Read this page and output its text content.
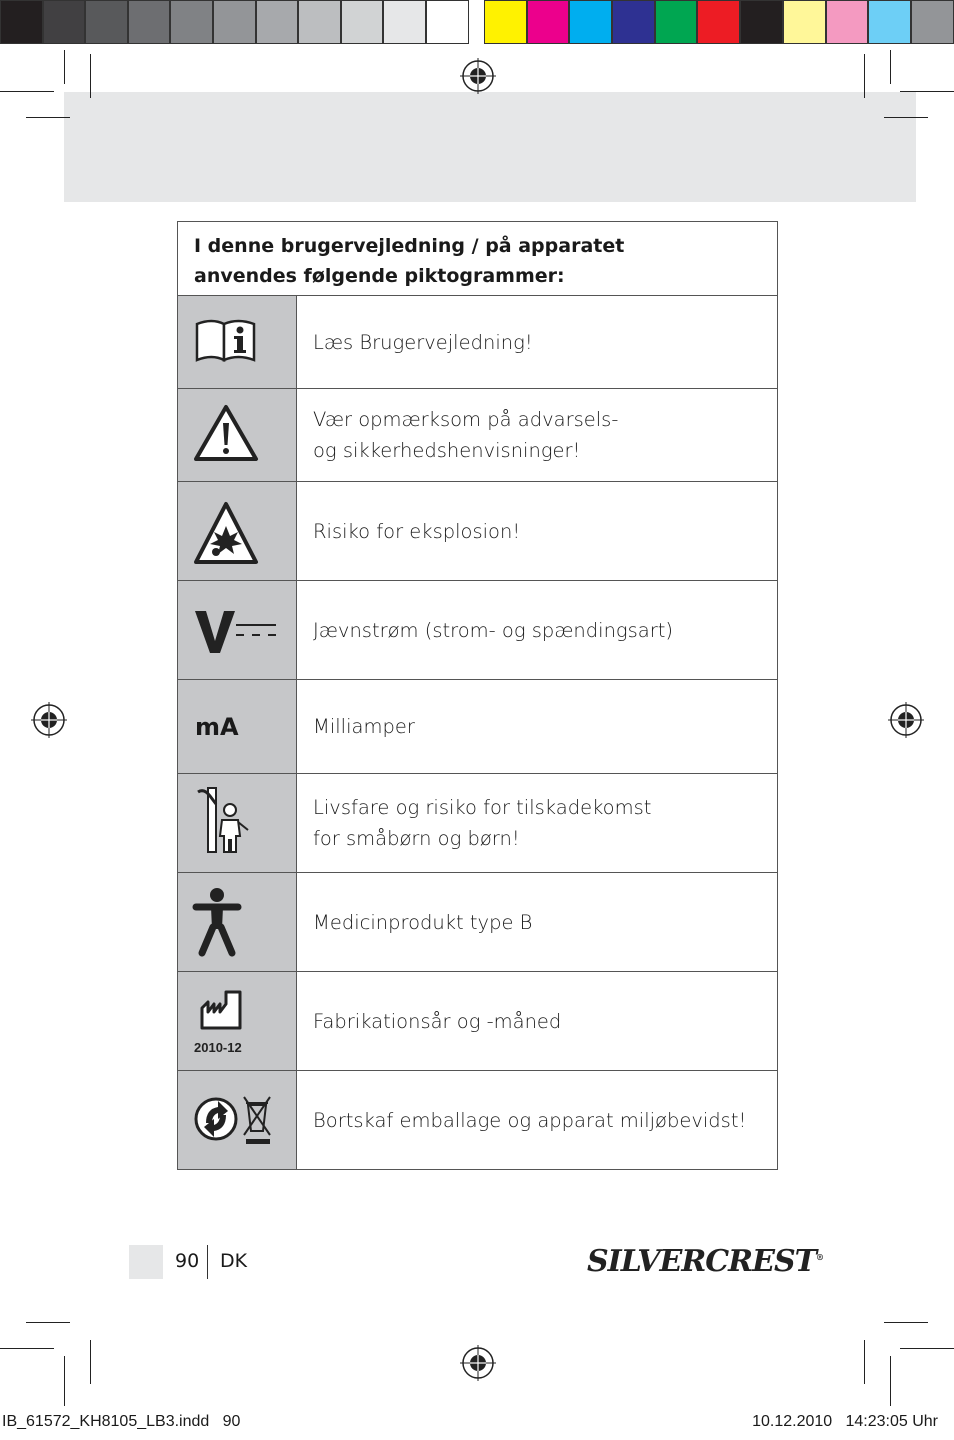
I denne brugervejledning / på apparatet
anvendes følgende piktogrammer:	
	Læs Brugervejledning!
	Vær opmærksom på advarsels- og sikkerhedshenvisninger!
	Risiko for eksplosion!
	Jævnstrøm (strom- og spændingsart)
mA	Milliamper
	Livsfare og risiko for tilskadekomst for småbørn og børn!
	Medicinprodukt type B

2010-12	Fabrikationsår og -måned
	Bortskaf emballage og apparat miljøbevidst!
90 DK	SILVERCREST®
IB_61572_KH8105_LB3.indd   90	10.12.2010   14:23:05 Uhr
